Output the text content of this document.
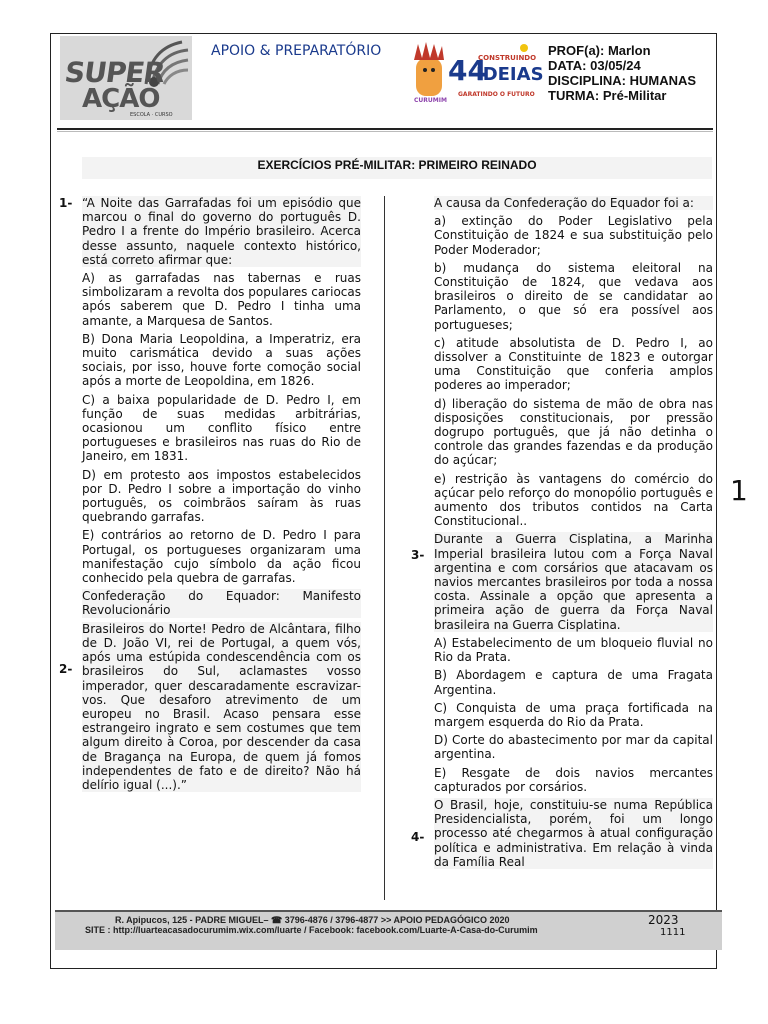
SUPER
AÇÃO
ESCOLA · CURSO
APOIO & PREPARATÓRIO
44
CONSTRUINDO
IDEIAS
GARATINDO O FUTURO
CURUMIM
PROF(a): Marlon
DATA: 03/05/24
DISCIPLINA: HUMANAS
TURMA: Pré-Militar
EXERCÍCIOS PRÉ-MILITAR: PRIMEIRO REINADO
1-
2-

“A Noite das Garrafadas foi um episódio que marcou o final do governo do português D. Pedro I a frente do Império brasileiro. Acerca desse assunto, naquele contexto histórico, está correto afirmar que:

A) as garrafadas nas tabernas e ruas simbolizaram a revolta dos populares cariocas após saberem que D. Pedro I tinha uma amante, a Marquesa de Santos.

B) Dona Maria Leopoldina, a Imperatriz, era muito carismática devido a suas ações sociais, por isso, houve forte comoção social após a morte de Leopoldina, em 1826.

C) a baixa popularidade de D. Pedro I, em função de suas medidas arbitrárias, ocasionou um conflito físico entre portugueses e brasileiros nas ruas do Rio de Janeiro, em 1831.

D) em protesto aos impostos estabelecidos por D. Pedro I sobre a importação do vinho português, os coimbrãos saíram às ruas quebrando garrafas.

E) contrários ao retorno de D. Pedro I para Portugal, os portugueses organizaram uma manifestação cujo símbolo da ação ficou conhecido pela quebra de garrafas.

Confederação do Equador: Manifesto Revolucionário

Brasileiros do Norte! Pedro de Alcântara, filho de D. João VI, rei de Portugal, a quem vós, após uma estúpida condescendência com os brasileiros do Sul, aclamastes vosso imperador, quer descaradamente escravizar-vos. Que desaforo atrevimento de um europeu no Brasil. Acaso pensara esse estrangeiro ingrato e sem costumes que tem algum direito à Coroa, por descender da casa de Bragança na Europa, de quem já fomos independentes de fato e de direito? Não há delírio igual (...).”

3-
4-

A causa da Confederação do Equador foi a:

a) extinção do Poder Legislativo pela Constituição de 1824 e sua substituição pelo Poder Moderador;

b) mudança do sistema eleitoral na Constituição de 1824, que vedava aos brasileiros o direito de se candidatar ao Parlamento, o que só era possível aos portugueses;

c) atitude absolutista de D. Pedro I, ao dissolver a Constituinte de 1823 e outorgar uma Constituição que conferia amplos poderes ao imperador;

d) liberação do sistema de mão de obra nas disposições constitucionais, por pressão dogrupo português, que já não detinha o controle das grandes fazendas e da produção do açúcar;

e) restrição às vantagens do comércio do açúcar pelo reforço do monopólio português e aumento dos tributos contidos na Carta Constitucional..

Durante a Guerra Cisplatina, a Marinha Imperial brasileira lutou com a Força Naval argentina e com corsários que atacavam os navios mercantes brasileiros por toda a nossa costa. Assinale a opção que apresenta a primeira ação de guerra da Força Naval brasileira na Guerra Cisplatina.

A) Estabelecimento de um bloqueio fluvial no Rio da Prata.

B) Abordagem e captura de uma Fragata Argentina.

C) Conquista de uma praça fortificada na margem esquerda do Rio da Prata.

D) Corte do abastecimento por mar da capital argentina.

E) Resgate de dois navios mercantes capturados por corsários.

O Brasil, hoje, constituiu-se numa República Presidencialista, porém, foi um longo processo até chegarmos à atual configuração política e administrativa. Em relação à vinda da Família Real

1
R. Apipucos, 125 - PADRE MIGUEL– ☎ 3796-4876 / 3796-4877 >> APOIO PEDAGÓGICO 2020
SITE : http://luarteacasadocurumim.wix.com/luarte / Facebook: facebook.com/Luarte-A-Casa-do-Curumim
2023
1111
